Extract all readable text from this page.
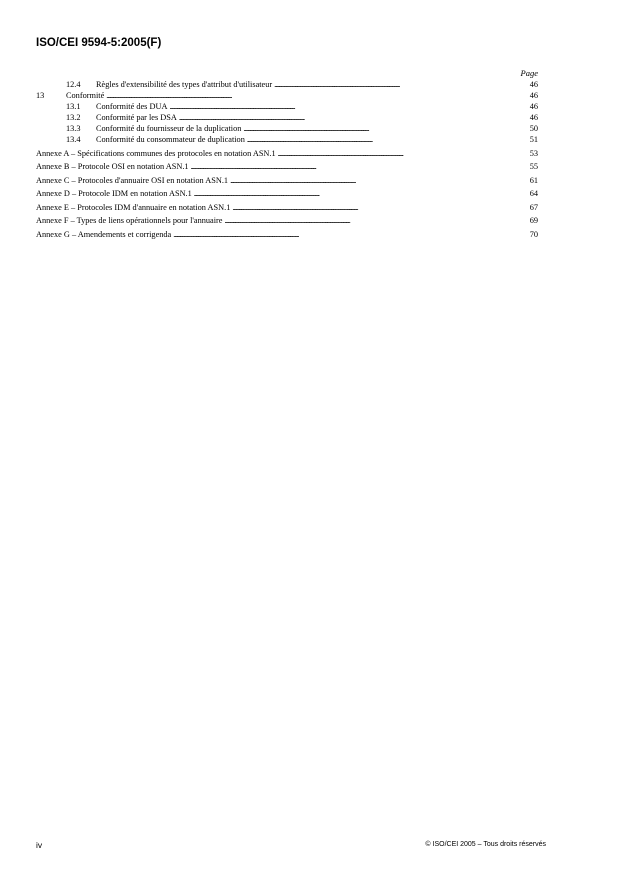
ISO/CEI 9594-5:2005(F)
Page
12.4	Règles d'extensibilité des types d'attribut d'utilisateur . . .	46
13	Conformité . . .	46
13.1	Conformité des DUA . . .	46
13.2	Conformité par les DSA . . .	46
13.3	Conformité du fournisseur de la duplication . . .	50
13.4	Conformité du consommateur de duplication . . .	51
Annexe A – Spécifications communes des protocoles en notation ASN.1 . . .	53
Annexe B – Protocole OSI en notation ASN.1 . . .	55
Annexe C – Protocoles d'annuaire OSI en notation ASN.1 . . .	61
Annexe D – Protocole IDM en notation ASN.1 . . .	64
Annexe E – Protocoles IDM d'annuaire en notation ASN.1 . . .	67
Annexe F – Types de liens opérationnels pour l'annuaire . . .	69
Annexe G – Amendements et corrigenda . . .	70
iv	© ISO/CEI 2005 – Tous droits réservés
